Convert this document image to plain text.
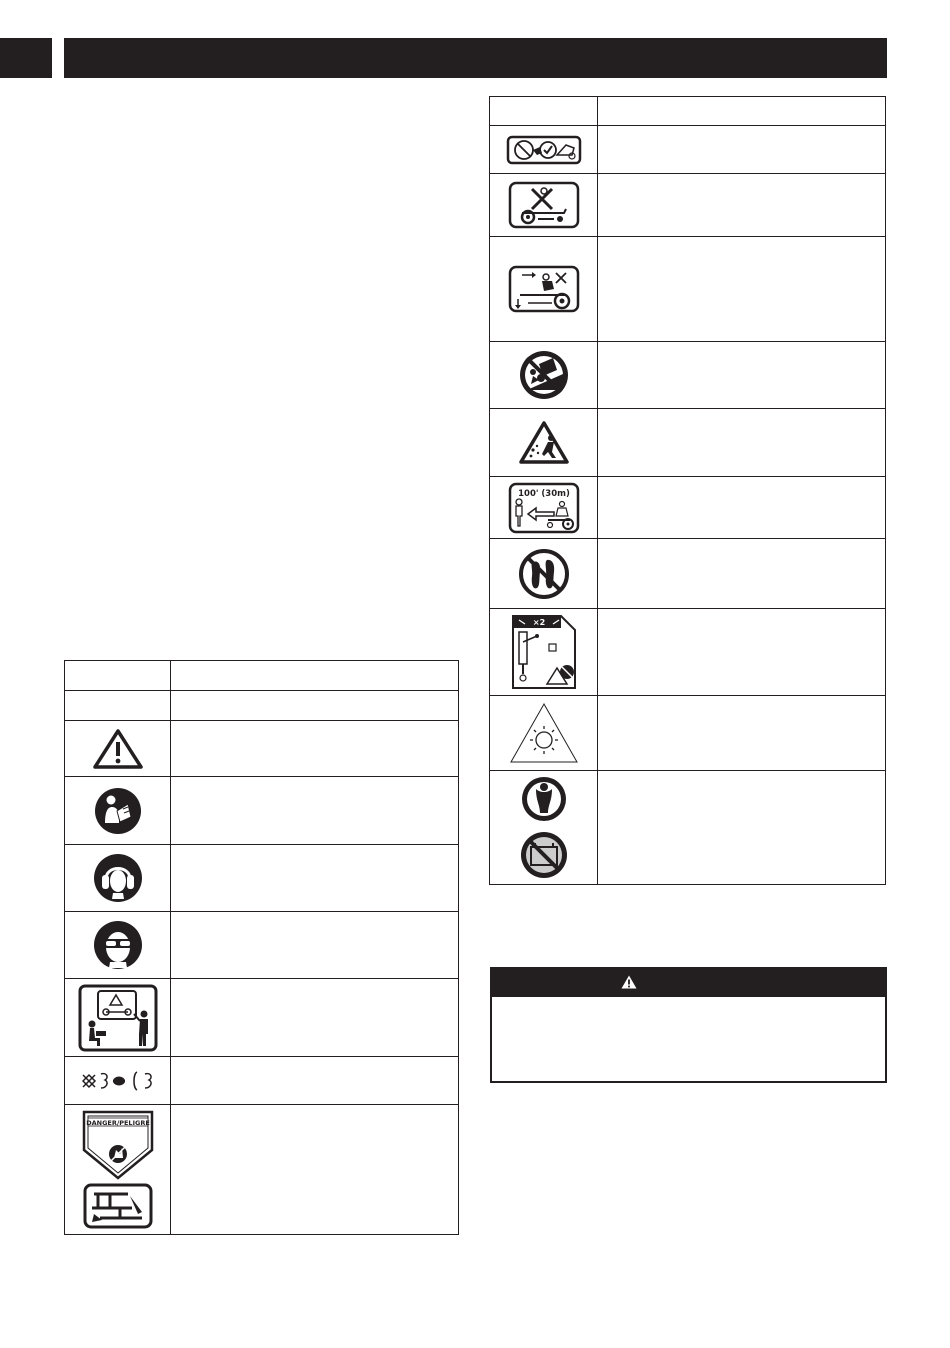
DANGER/PELIGRE	

100' (30m)	

×2	
